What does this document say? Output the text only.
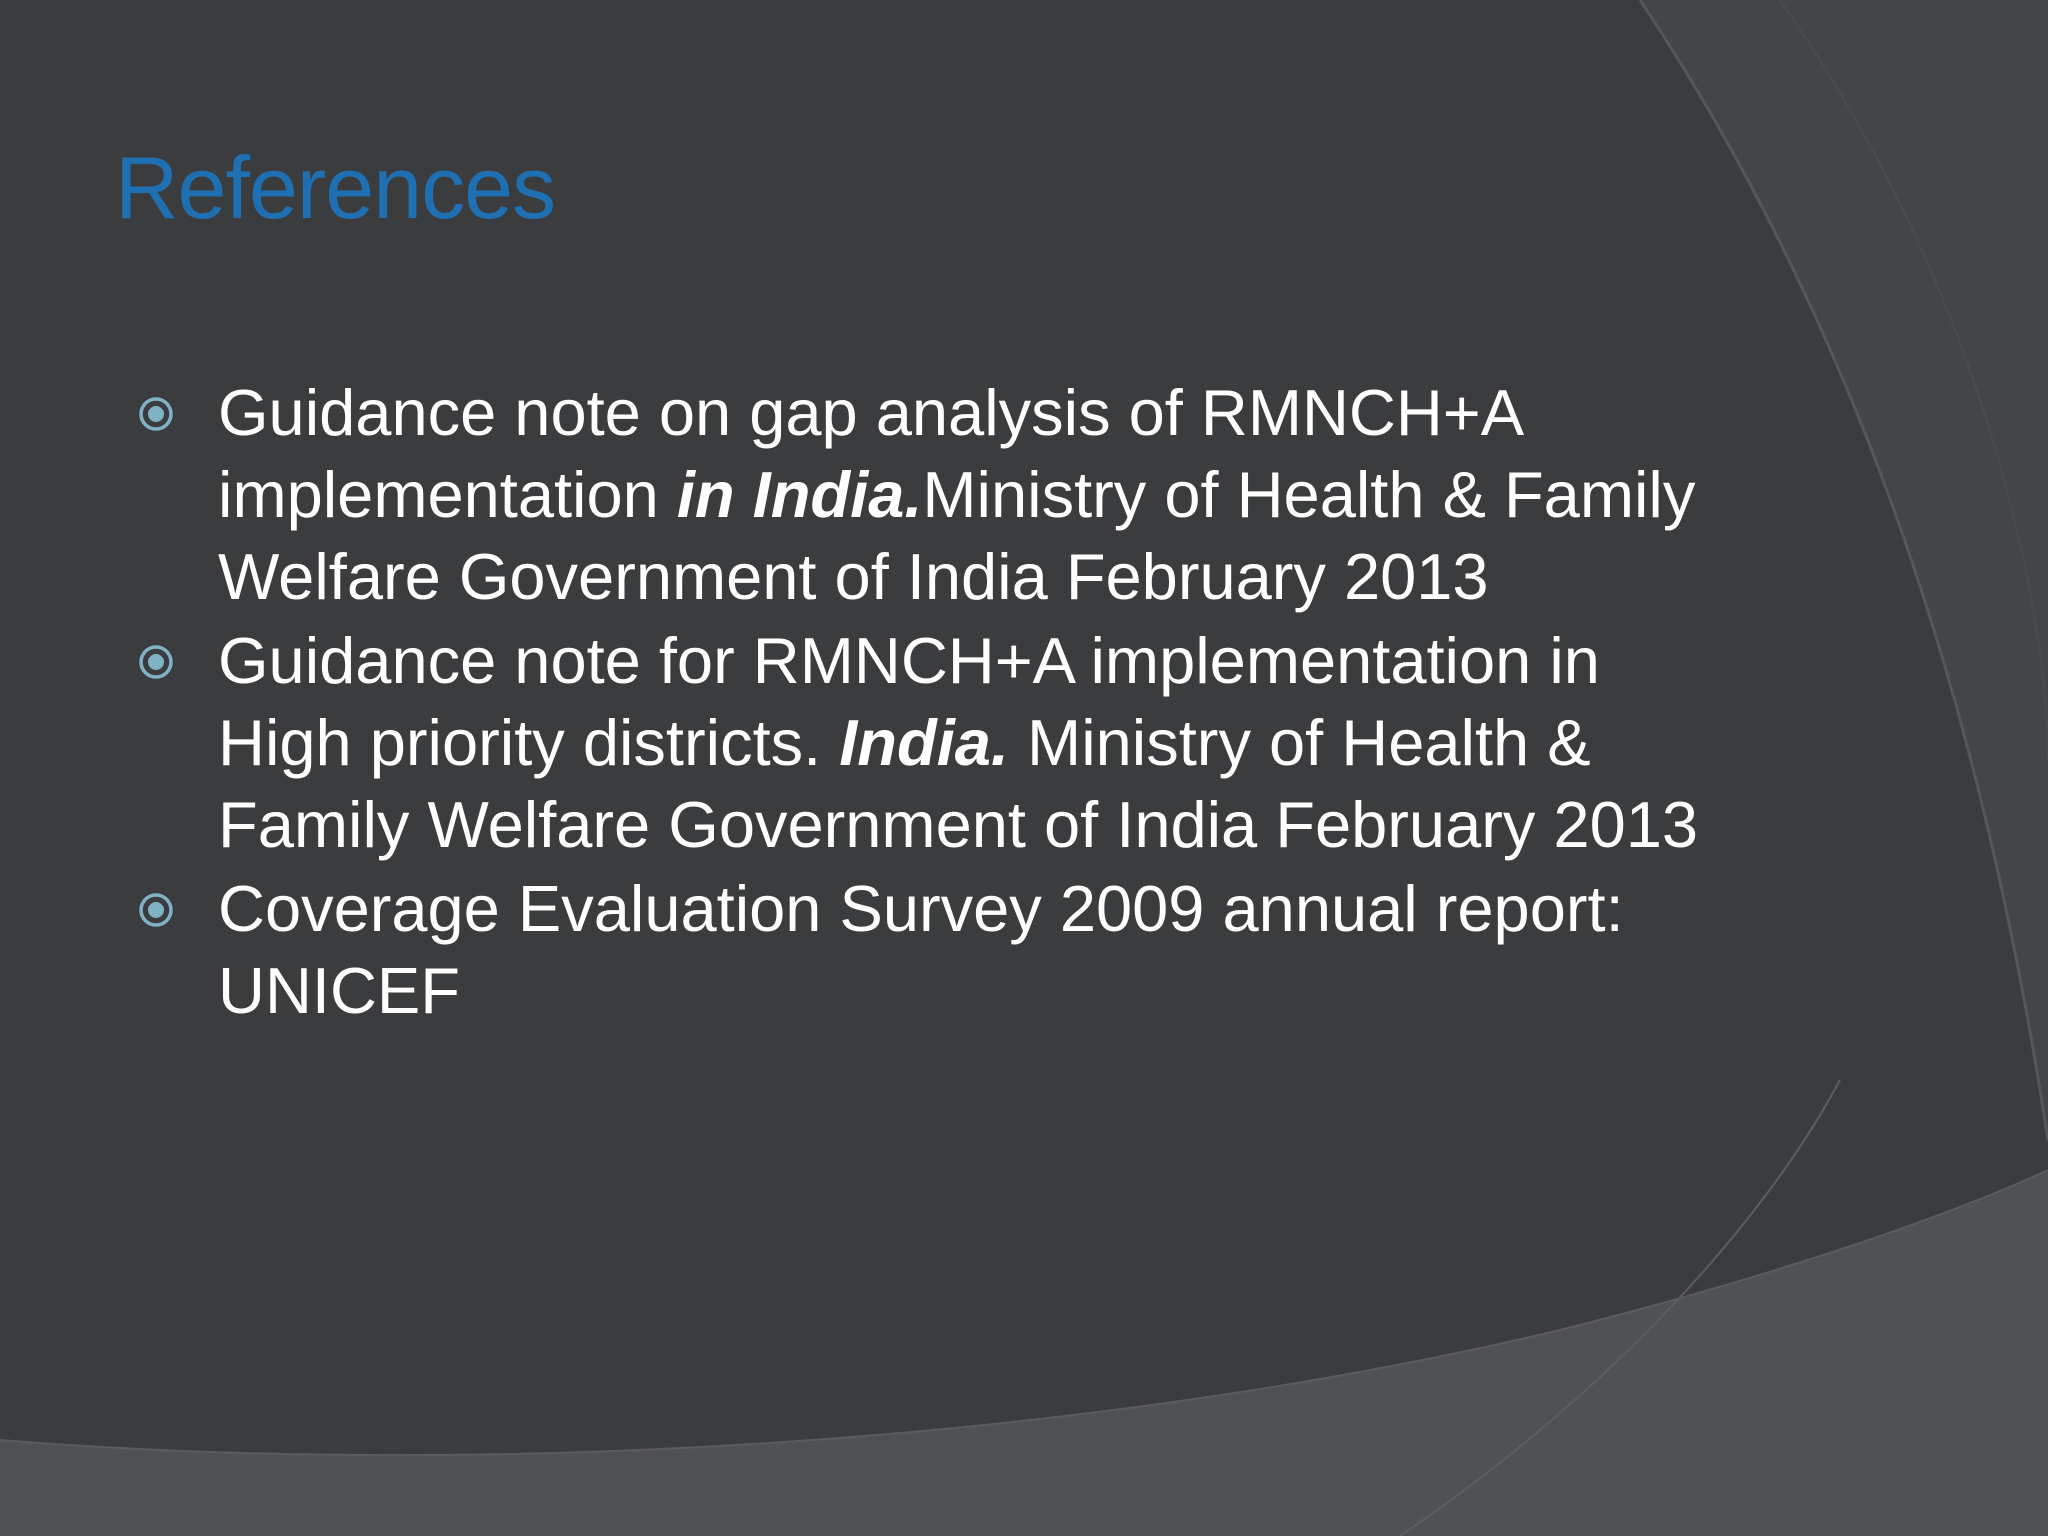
References
Guidance note on gap analysis of RMNCH+A implementation in India.Ministry of Health & Family Welfare Government of India February 2013
Guidance note for RMNCH+A implementation in High priority districts. India. Ministry of Health & Family Welfare Government of India February 2013
Coverage Evaluation Survey 2009 annual report: UNICEF
